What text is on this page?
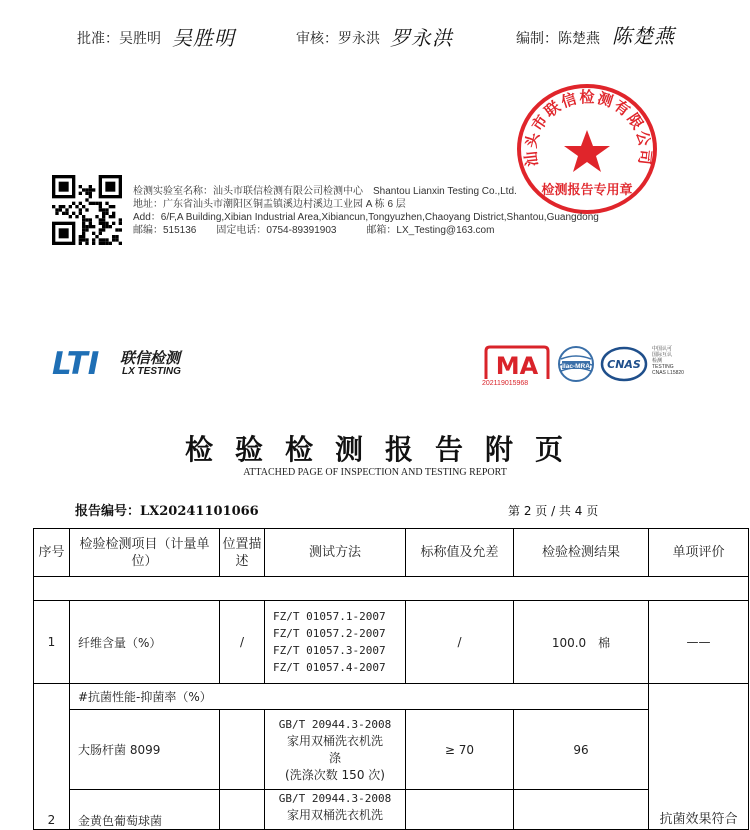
批准：吴胜明 吴胜明	审核：罗永洪 罗永洪	编制：陈楚燕 陈楚燕
汕头市联信检测有限公司
检测报告专用章
检测实验室名称：汕头市联信检测有限公司检测中心　Shantou Lianxin Testing Co.,Ltd.
地址：广东省汕头市潮阳区铜盂镇溪边村溪边工业园 A 栋 6 层
Add：6/F,A Building,Xibian Industrial Area,Xibiancun,Tongyuzhen,Chaoyang District,Shantou,Guangdong
邮编：515136　　固定电话：0754-89391903　　　邮箱：LX_Testing@163.com
LTI 联信检测
LX TESTING	MA
202119015968
ilac-MRA CNAS
中国认可
国际互认
检测
TESTING
CNAS L15820
检验检测报告附页
ATTACHED PAGE OF INSPECTION AND TESTING REPORT
报告编号：LX20241101066	第 2 页 / 共 4 页
序号	检验检测项目（计量单位）	位置描述	测试方法	标称值及允差	检验检测结果	单项评价

1	纤维含量（%）	/	FZ/T 01057.1-2007
FZ/T 01057.2-2007
FZ/T 01057.3-2007
FZ/T 01057.4-2007	/	100.0　棉	——
2	#抗菌性能-抑菌率（%）					抗菌效果符合
	大肠杆菌 8099		GB/T 20944.3-2008
家用双桶洗衣机洗
涤
(洗涤次数 150 次)	≥ 70	96	
	金黄色葡萄球菌		GB/T 20944.3-2008
家用双桶洗衣机洗			
